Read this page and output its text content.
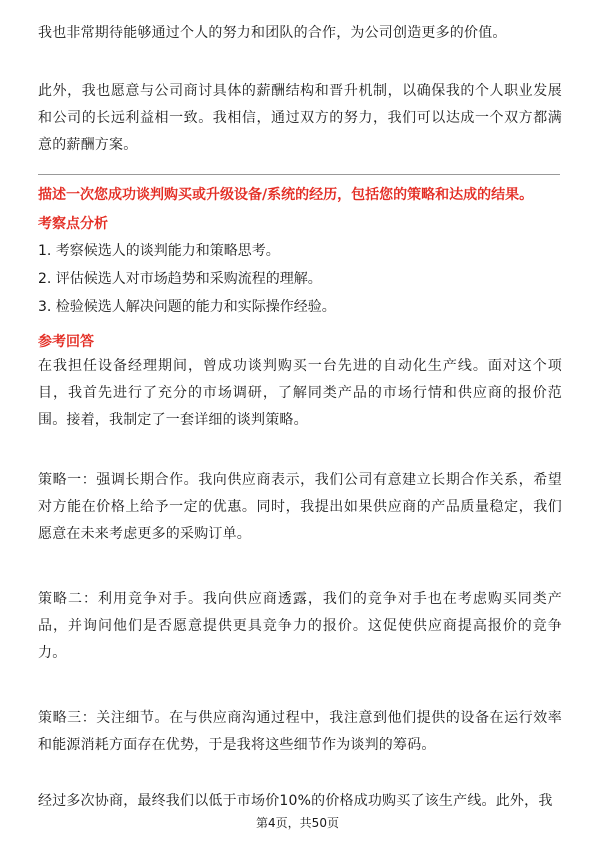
我也非常期待能够通过个人的努力和团队的合作，为公司创造更多的价值。

此外，我也愿意与公司商讨具体的薪酬结构和晋升机制，以确保我的个人职业发展和公司的长远利益相一致。我相信，通过双方的努力，我们可以达成一个双方都满意的薪酬方案。

描述一次您成功谈判购买或升级设备/系统的经历，包括您的策略和达成的结果。

考察点分析

1. 考察候选人的谈判能力和策略思考。

2. 评估候选人对市场趋势和采购流程的理解。

3. 检验候选人解决问题的能力和实际操作经验。

参考回答

在我担任设备经理期间，曾成功谈判购买一台先进的自动化生产线。面对这个项目，我首先进行了充分的市场调研，了解同类产品的市场行情和供应商的报价范围。接着，我制定了一套详细的谈判策略。

策略一：强调长期合作。我向供应商表示，我们公司有意建立长期合作关系，希望对方能在价格上给予一定的优惠。同时，我提出如果供应商的产品质量稳定，我们愿意在未来考虑更多的采购订单。

策略二：利用竞争对手。我向供应商透露，我们的竞争对手也在考虑购买同类产品，并询问他们是否愿意提供更具竞争力的报价。这促使供应商提高报价的竞争力。

策略三：关注细节。在与供应商沟通过程中，我注意到他们提供的设备在运行效率和能源消耗方面存在优势，于是我将这些细节作为谈判的筹码。

经过多次协商，最终我们以低于市场价10%的价格成功购买了该生产线。此外，我

第4页，共50页
